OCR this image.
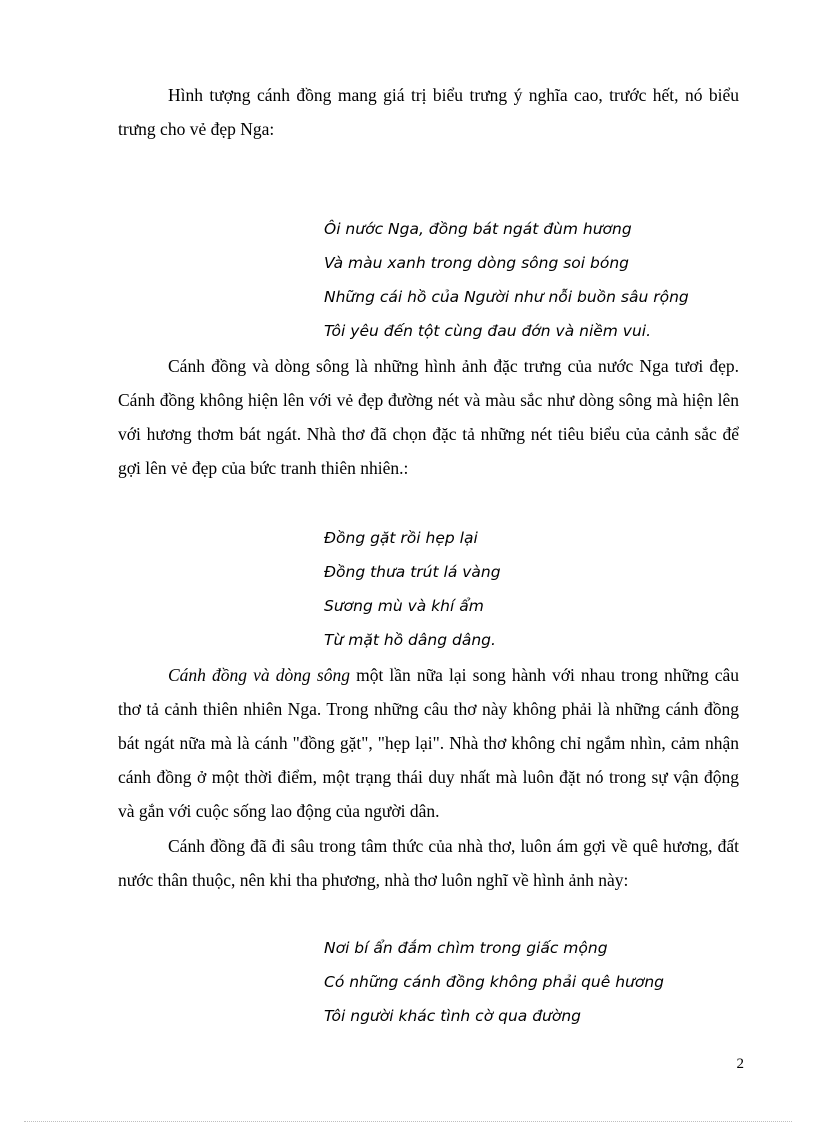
Hình tượng cánh đồng mang giá trị biểu trưng ý nghĩa cao, trước hết, nó biểu trưng cho vẻ đẹp Nga:

Ôi nước Nga, đồng bát ngát đùm hương
Và màu xanh trong dòng sông soi bóng
Những cái hồ của Người như nỗi buồn sâu rộng
Tôi yêu đến tột cùng đau đớn và niềm vui.

Cánh đồng và dòng sông là những hình ảnh đặc trưng của nước Nga tươi đẹp. Cánh đồng không hiện lên với vẻ đẹp đường nét và màu sắc như dòng sông mà hiện lên với hương thơm bát ngát. Nhà thơ đã chọn đặc tả những nét tiêu biểu của cảnh sắc để gợi lên vẻ đẹp của bức tranh thiên nhiên.:

Đồng gặt rồi hẹp lại
Đồng thưa trút lá vàng
Sương mù và khí ẩm
Từ mặt hồ dâng dâng.

Cánh đồng và dòng sông một lần nữa lại song hành với nhau trong những câu thơ tả cảnh thiên nhiên Nga. Trong những câu thơ này không phải là những cánh đồng bát ngát nữa mà là cánh "đồng gặt", "hẹp lại". Nhà thơ không chỉ ngắm nhìn, cảm nhận cánh đồng ở một thời điểm, một trạng thái duy nhất mà luôn đặt nó trong sự vận động và gắn với cuộc sống lao động của người dân.

Cánh đồng đã đi sâu trong tâm thức của nhà thơ, luôn ám gợi về quê hương, đất nước thân thuộc, nên khi tha phương, nhà thơ luôn nghĩ về hình ảnh này:

Nơi bí ẩn đắm chìm trong giấc mộng
Có những cánh đồng không phải quê hương
Tôi người khác tình cờ qua đường
2
